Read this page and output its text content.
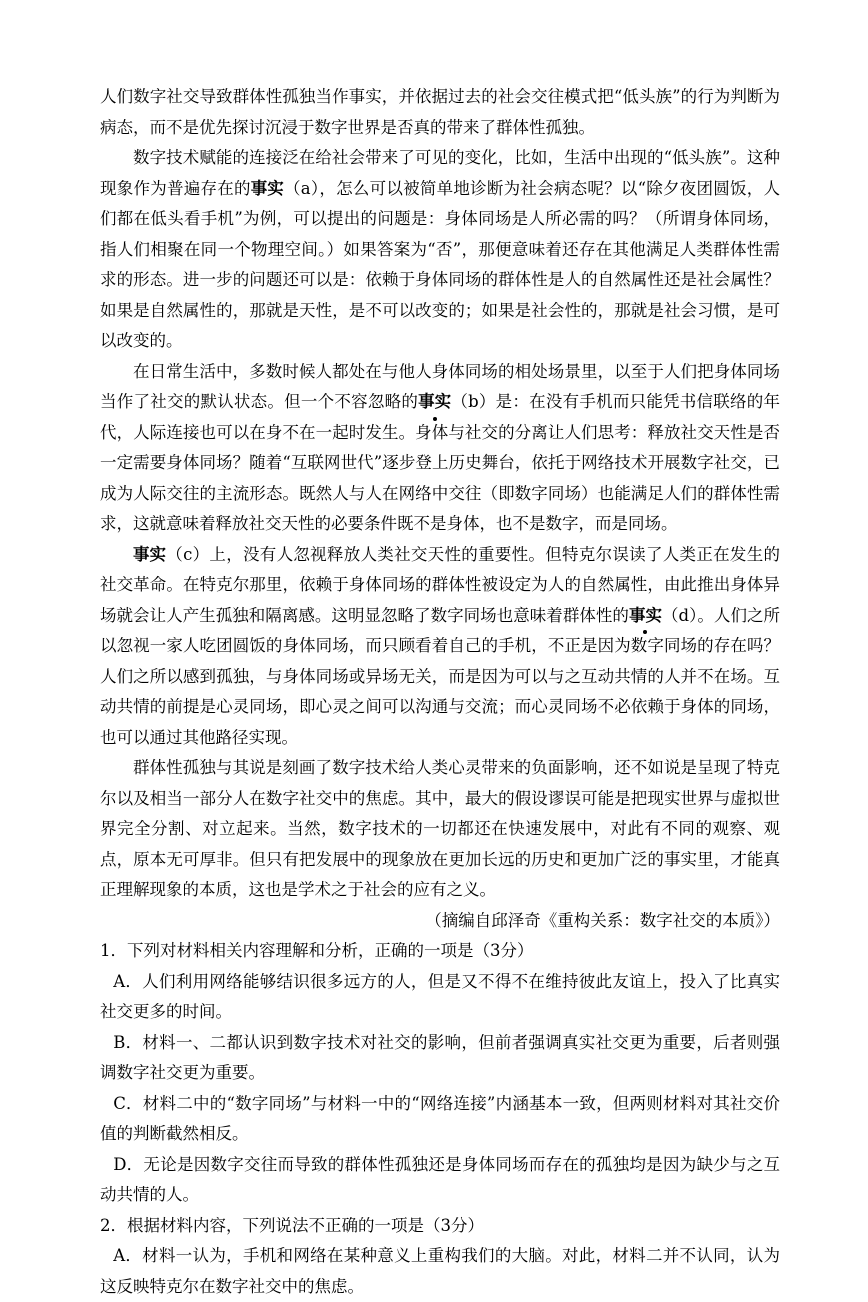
人们数字社交导致群体性孤独当作事实，并依据过去的社会交往模式把“低头族”的行为判断为病态，而不是优先探讨沉浸于数字世界是否真的带来了群体性孤独。

数字技术赋能的连接泛在给社会带来了可见的变化，比如，生活中出现的“低头族”。这种现象作为普遍存在的事实（a），怎么可以被简单地诊断为社会病态呢？以“除夕夜团圆饭，人们都在低头看手机”为例，可以提出的问题是：身体同场是人所必需的吗？（所谓身体同场，指人们相聚在同一个物理空间。）如果答案为“否”，那便意味着还存在其他满足人类群体性需求的形态。进一步的问题还可以是：依赖于身体同场的群体性是人的自然属性还是社会属性？如果是自然属性的，那就是天性，是不可以改变的；如果是社会性的，那就是社会习惯，是可以改变的。

在日常生活中，多数时候人都处在与他人身体同场的相处场景里，以至于人们把身体同场当作了社交的默认状态。但一个不容忽略的事实
（b）是：在没有手机而只能凭书信联络的年代，人际连接也可以在身不在一起时发生。身体与社交的分离让人们思考：释放社交天性是否一定需要身体同场？随着“互联网世代”逐步登上历史舞台，依托于网络技术开展数字社交，已成为人际交往的主流形态。既然人与人在网络中交往（即数字同场）也能满足人们的群体性需求，这就意味着释放社交天性的必要条件既不是身体，也不是数字，而是同场。

事实（c）上，没有人忽视释放人类社交天性的重要性。但特克尔误读了人类正在发生的社交革命。在特克尔那里，依赖于身体同场的群体性被设定为人的自然属性，由此推出身体异场就会让人产生孤独和隔离感。这明显忽略了数字同场也意味着群体性的事实
（d）。人们之所以忽视一家人吃团圆饭的身体同场，而只顾看着自己的手机，不正是因为数字同场的存在吗？人们之所以感到孤独，与身体同场或异场无关，而是因为可以与之互动共情的人并不在场。互动共情的前提是心灵同场，即心灵之间可以沟通与交流；而心灵同场不必依赖于身体的同场，也可以通过其他路径实现。

群体性孤独与其说是刻画了数字技术给人类心灵带来的负面影响，还不如说是呈现了特克尔以及相当一部分人在数字社交中的焦虑。其中，最大的假设谬误可能是把现实世界与虚拟世界完全分割、对立起来。当然，数字技术的一切都还在快速发展中，对此有不同的观察、观点，原本无可厚非。但只有把发展中的现象放在更加长远的历史和更加广泛的事实里，才能真正理解现象的本质，这也是学术之于社会的应有之义。

（摘编自邱泽奇《重构关系：数字社交的本质》）

1．下列对材料相关内容理解和分析，正确的一项是（3分）

A．人们利用网络能够结识很多远方的人，但是又不得不在维持彼此友谊上，投入了比真实社交更多的时间。

B．材料一、二都认识到数字技术对社交的影响，但前者强调真实社交更为重要，后者则强调数字社交更为重要。

C．材料二中的“数字同场”与材料一中的“网络连接”内涵基本一致，但两则材料对其社交价值的判断截然相反。

D．无论是因数字交往而导致的群体性孤独还是身体同场而存在的孤独均是因为缺少与之互动共情的人。

2．根据材料内容，下列说法不正确的一项是（3分）

A．材料一认为，手机和网络在某种意义上重构我们的大脑。对此，材料二并不认同，认为这反映特克尔在数字社交中的焦虑。
